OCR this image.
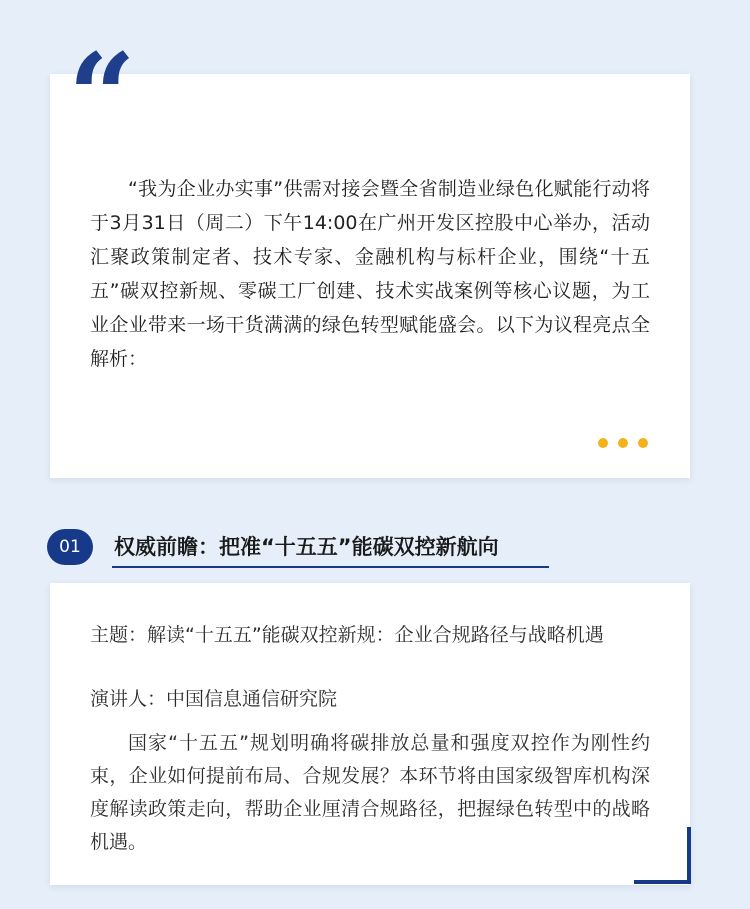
“我为企业办实事”供需对接会暨全省制造业绿色化赋能行动将于3月31日（周二）下午14:00在广州开发区控股中心举办，活动汇聚政策制定者、技术专家、金融机构与标杆企业，围绕“十五五”碳双控新规、零碳工厂创建、技术实战案例等核心议题，为工业企业带来一场干货满满的绿色转型赋能盛会。以下为议程亮点全解析：

“
01	权威前瞻：把准“十五五”能碳双控新航向

主题：解读“十五五”能碳双控新规：企业合规路径与战略机遇

演讲人：中国信息通信研究院

国家“十五五”规划明确将碳排放总量和强度双控作为刚性约束，企业如何提前布局、合规发展？本环节将由国家级智库机构深度解读政策走向，帮助企业厘清合规路径，把握绿色转型中的战略机遇。
